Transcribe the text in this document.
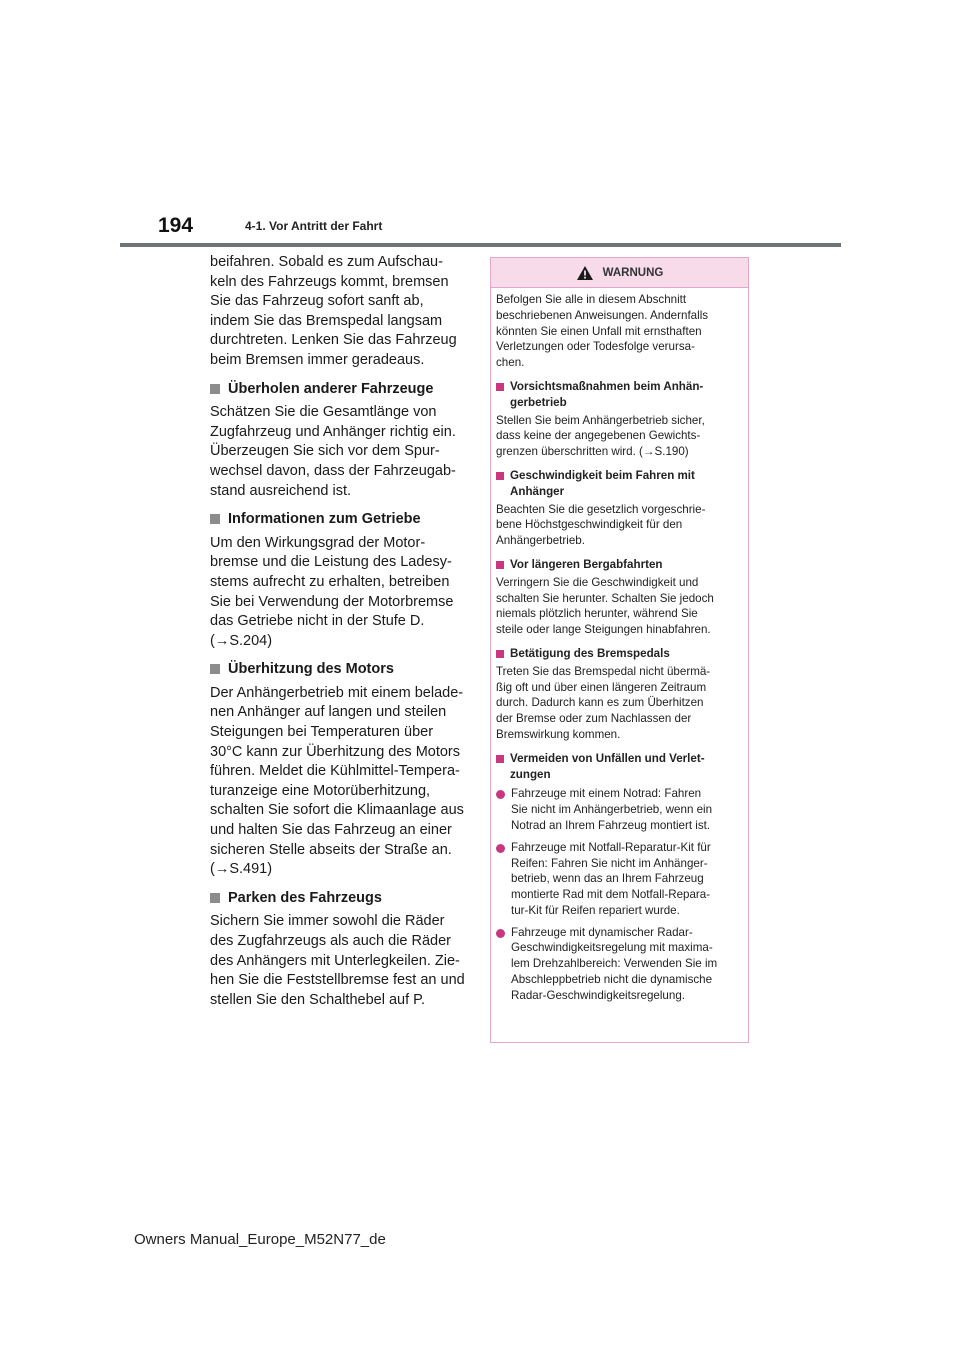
194	4-1. Vor Antritt der Fahrt

beifahren. Sobald es zum Aufschau-
keln des Fahrzeugs kommt, bremsen
Sie das Fahrzeug sofort sanft ab,
indem Sie das Bremspedal langsam
durchtreten. Lenken Sie das Fahrzeug
beim Bremsen immer geradeaus.

Überholen anderer Fahrzeuge

Schätzen Sie die Gesamtlänge von
Zugfahrzeug und Anhänger richtig ein.
Überzeugen Sie sich vor dem Spur-
wechsel davon, dass der Fahrzeugab-
stand ausreichend ist.

Informationen zum Getriebe

Um den Wirkungsgrad der Motor-
bremse und die Leistung des Ladesy-
stems aufrecht zu erhalten, betreiben
Sie bei Verwendung der Motorbremse
das Getriebe nicht in der Stufe D.
(→S.204)

Überhitzung des Motors

Der Anhängerbetrieb mit einem belade-
nen Anhänger auf langen und steilen
Steigungen bei Temperaturen über
30°C kann zur Überhitzung des Motors
führen. Meldet die Kühlmittel-Tempera-
turanzeige eine Motorüberhitzung,
schalten Sie sofort die Klimaanlage aus
und halten Sie das Fahrzeug an einer
sicheren Stelle abseits der Straße an.
(→S.491)

Parken des Fahrzeugs

Sichern Sie immer sowohl die Räder
des Zugfahrzeugs als auch die Räder
des Anhängers mit Unterlegkeilen. Zie-
hen Sie die Feststellbremse fest an und
stellen Sie den Schalthebel auf P.

WARNUNG

Befolgen Sie alle in diesem Abschnitt
beschriebenen Anweisungen. Andernfalls
könnten Sie einen Unfall mit ernsthaften
Verletzungen oder Todesfolge verursa-
chen.

Vorsichtsmaßnahmen beim Anhän-
gerbetrieb

Stellen Sie beim Anhängerbetrieb sicher,
dass keine der angegebenen Gewichts-
grenzen überschritten wird. (→S.190)

Geschwindigkeit beim Fahren mit
Anhänger

Beachten Sie die gesetzlich vorgeschrie-
bene Höchstgeschwindigkeit für den
Anhängerbetrieb.

Vor längeren Bergabfahrten

Verringern Sie die Geschwindigkeit und
schalten Sie herunter. Schalten Sie jedoch
niemals plötzlich herunter, während Sie
steile oder lange Steigungen hinabfahren.

Betätigung des Bremspedals

Treten Sie das Bremspedal nicht übermä-
ßig oft und über einen längeren Zeitraum
durch. Dadurch kann es zum Überhitzen
der Bremse oder zum Nachlassen der
Bremswirkung kommen.

Vermeiden von Unfällen und Verlet-
zungen
Fahrzeuge mit einem Notrad: Fahren
Sie nicht im Anhängerbetrieb, wenn ein
Notrad an Ihrem Fahrzeug montiert ist.
Fahrzeuge mit Notfall-Reparatur-Kit für
Reifen: Fahren Sie nicht im Anhänger-
betrieb, wenn das an Ihrem Fahrzeug
montierte Rad mit dem Notfall-Repara-
tur-Kit für Reifen repariert wurde.
Fahrzeuge mit dynamischer Radar-
Geschwindigkeitsregelung mit maxima-
lem Drehzahlbereich: Verwenden Sie im
Abschleppbetrieb nicht die dynamische
Radar-Geschwindigkeitsregelung.
Owners Manual_Europe_M52N77_de
